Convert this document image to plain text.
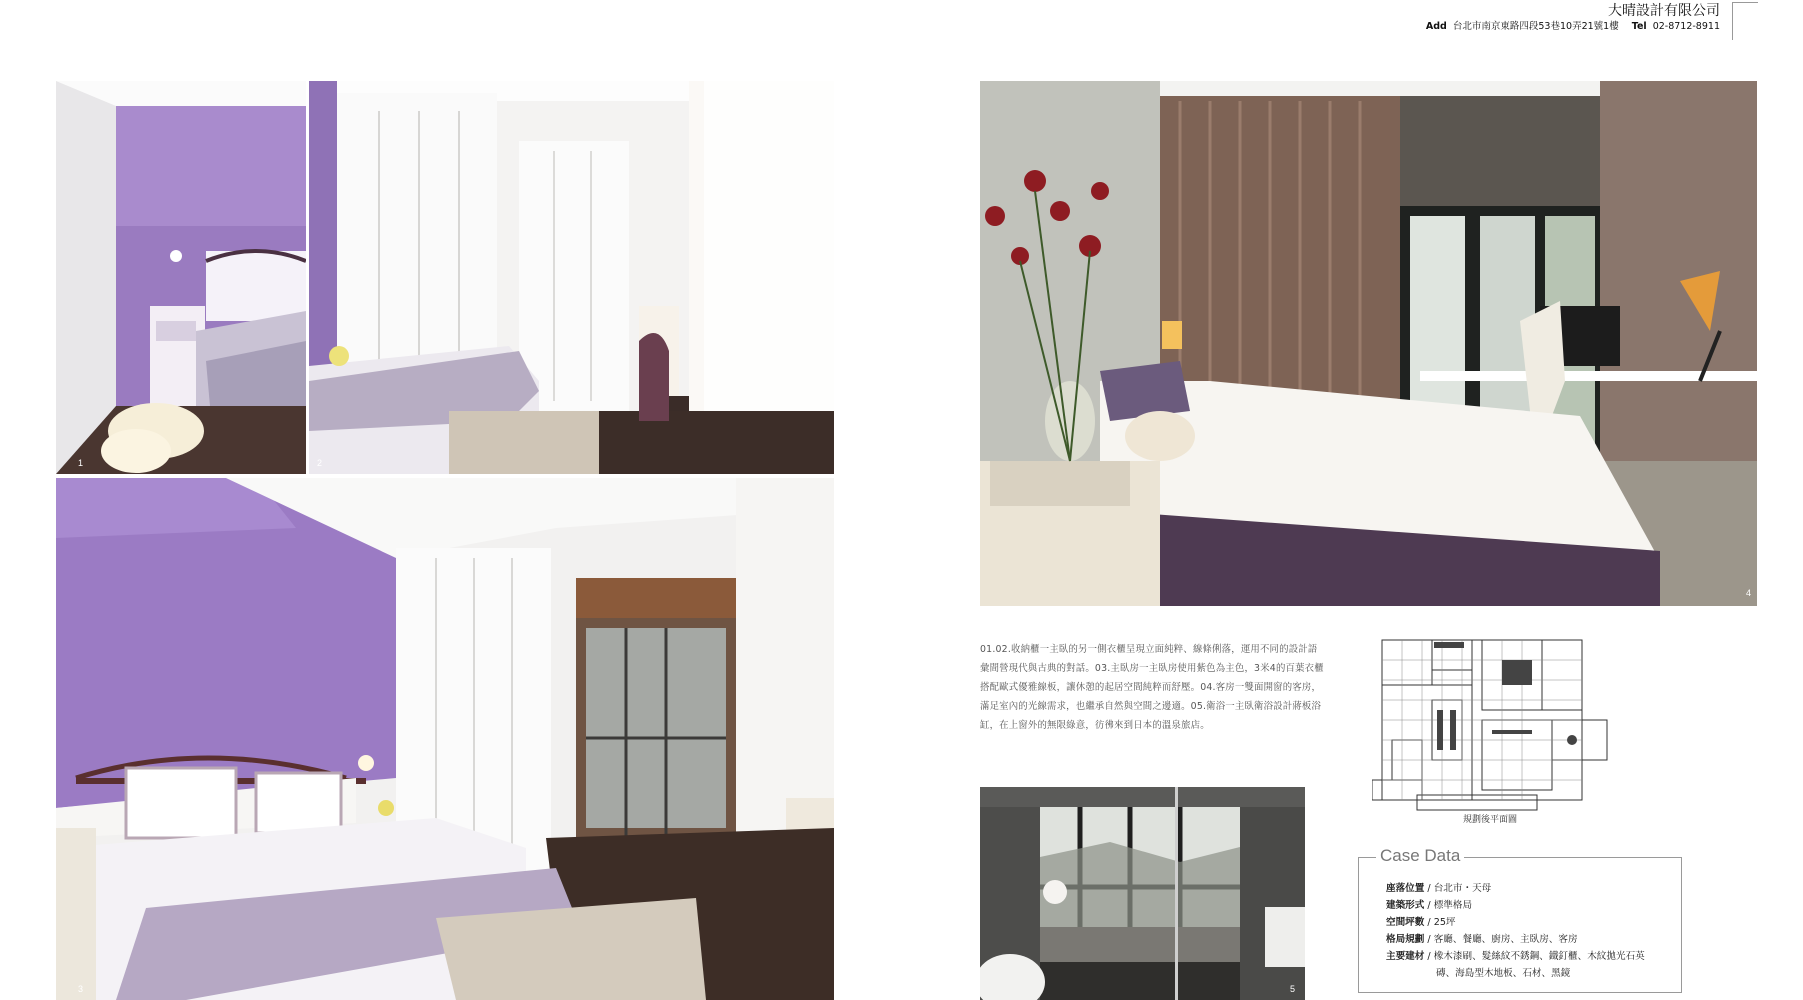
大晴設計有限公司
Add 台北市南京東路四段53巷10弄21號1樓 Tel 02-8712-8911
1	2
3
4
01.02.收納櫃一主臥的另一側衣櫃呈現立面純粹、線條俐落，運用不同的設計語彙間營現代與古典的對話。03.主臥房一主臥房使用紫色為主色，3米4的百葉衣櫃搭配歐式優雅線板，讓休憩的起居空間純粹而舒壓。04.客房一雙面開窗的客房，滿足室內的光線需求，也繼承自然與空間之邊適。05.衛浴一主臥衛浴設計蔣板浴缸，在上窗外的無限綠意，彷彿來到日本的溫泉旅店。
規劃後平面圖
5
Case Data
座落位置 / 台北市・天母
建築形式 / 標準格局
空間坪數 / 25坪
格局規劃 / 客廳、餐廳、廚房、主臥房、客房
主要建材 / 橡木漆刷、髮絲紋不銹鋼、鐵釘櫃、木紋拋光石英
磚、海島型木地板、石材、黑鏡
